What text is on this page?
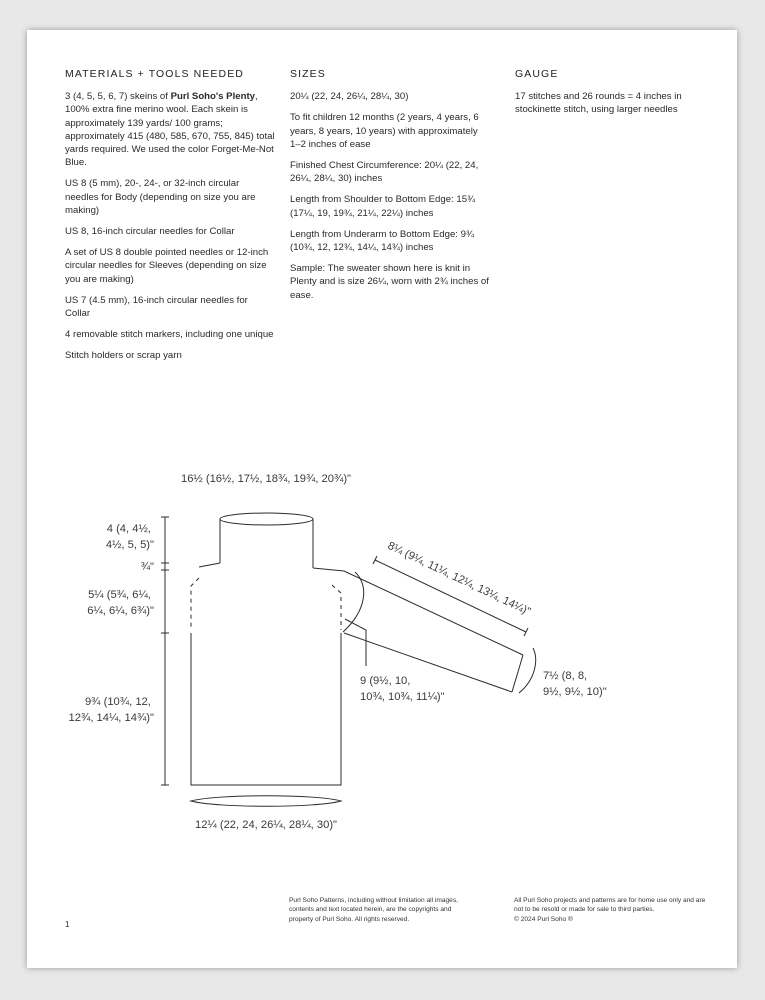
MATERIALS + TOOLS NEEDED

3 (4, 5, 5, 6, 7) skeins of Purl Soho's Plenty, 100% extra fine merino wool. Each skein is approximately 139 yards/ 100 grams; approximately 415 (480, 585, 670, 755, 845) total yards required. We used the color Forget-Me-Not Blue.

US 8 (5 mm), 20-, 24-, or 32-inch circular needles for Body (depending on size you are making)

US 8, 16-inch circular needles for Collar

A set of US 8 double pointed needles or 12-inch circular needles for Sleeves (depending on size you are making)

US 7 (4.5 mm), 16-inch circular needles for Collar

4 removable stitch markers, including one unique

Stitch holders or scrap yarn

SIZES

20¼ (22, 24, 26¼, 28¼, 30)

To fit children 12 months (2 years, 4 years, 6 years, 8 years, 10 years) with approximately 1–2 inches of ease

Finished Chest Circumference: 20¼ (22, 24, 26¼, 28¼, 30) inches

Length from Shoulder to Bottom Edge: 15¾ (17¼, 19, 19¾, 21¼, 22¼) inches

Length from Underarm to Bottom Edge: 9¾ (10¾, 12, 12¾, 14¼, 14¾) inches

Sample: The sweater shown here is knit in Plenty and is size 26¼, worn with 2¾ inches of ease.

GAUGE

17 stitches and 26 rounds = 4 inches in stockinette stitch, using larger needles

16½ (16½, 17½, 18¾, 19¾, 20¾)"
4 (4, 4½, 4½, 5, 5)"
¾"
5¼ (5¾, 6¼, 6¼, 6¼, 6¾)"
9¾ (10¾, 12, 12¾, 14¼, 14¾)"
12¼ (22, 24, 26¼, 28¼, 30)"
8¼ (9¼, 11¼, 12¼, 13¼, 14¼)"
9 (9½, 10, 10¾, 10¾, 11¼)"
7½ (8, 8, 9½, 9½, 10)"
Purl Soho Patterns, including without limitation all images, contents and text located herein, are the copyrights and property of Purl Soho. All rights reserved.
All Purl Soho projects and patterns are for home use only and are not to be resold or made for sale to third parties.
© 2024 Purl Soho ®
1
